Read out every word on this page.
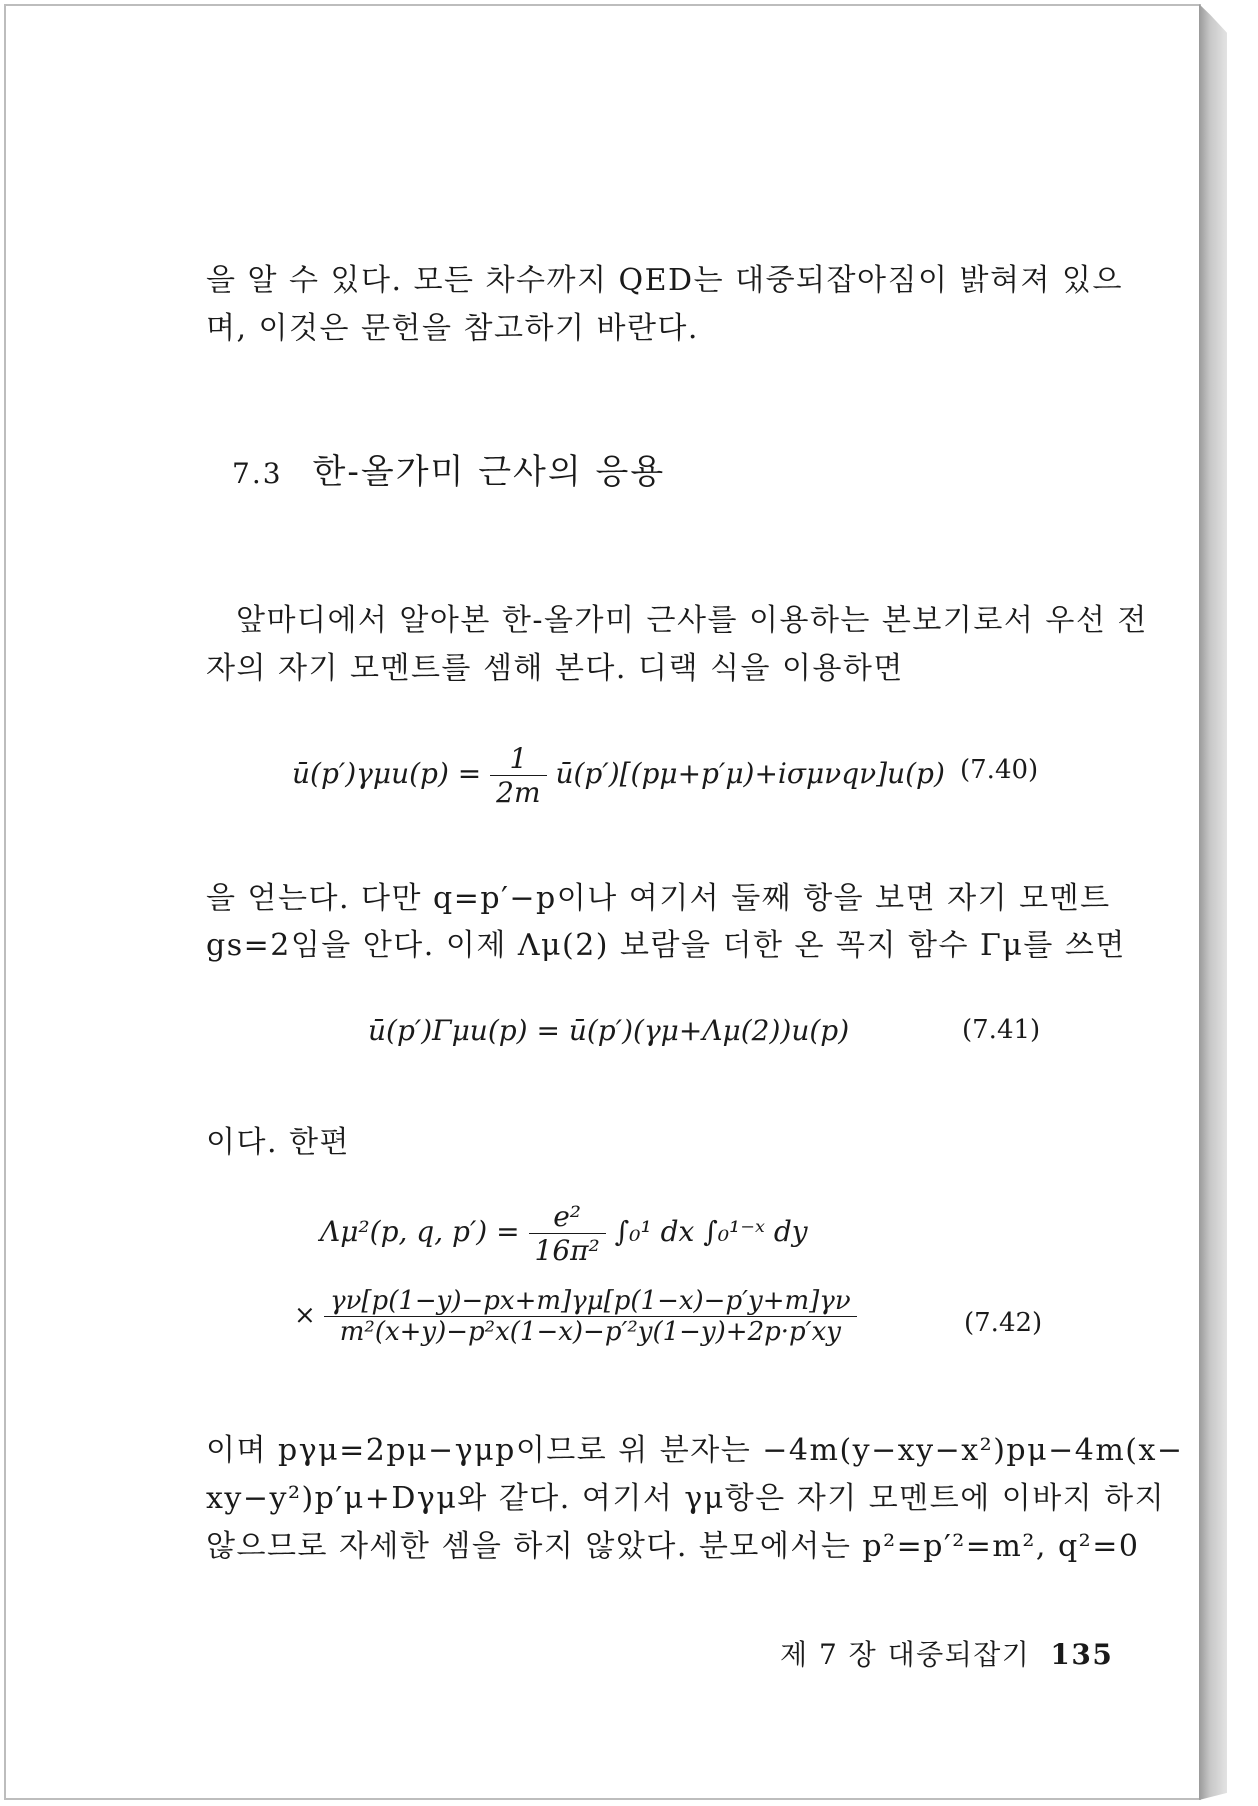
을 알 수 있다. 모든 차수까지 QED는 대중되잡아짐이 밝혀져 있으
며, 이것은 문헌을 참고하기 바란다.
7.3 한-올가미 근사의 응용
앞마디에서 알아본 한-올가미 근사를 이용하는 본보기로서 우선 전
자의 자기 모멘트를 셈해 본다. 디랙 식을 이용하면
ū(p′)γμu(p) = $\frac{1}{2m}$ ū(p′)[(pμ+p′μ)+iσμνqν]u(p) (7.40)
을 얻는다. 다만 q=p′−p이나 여기서 둘째 항을 보면 자기 모멘트
gs=2임을 안다. 이제 Λμ(2) 보람을 더한 온 꼭지 함수 Γμ를 쓰면
ū(p′)Γμu(p) = ū(p′)(γμ+Λμ(2))u(p)	(7.41)
이다. 한편
Λμ²(p, q, $p') = \frac{\text{e²}}{\text{16π²}} \int_0^1$ dx ∫₀¹⁻ˣ dy
× $\frac{\gamma\nu[p(1-y)-px+m]\gamma\mu[p(1-x)-p'y+m]\gamma\nu}{\text{m²(x+y)−p²x(1−x)−p′²y(1−y)+2p·p′xy}}$	(7.42)
이며 pγμ=2pμ−γμp이므로 위 분자는 −4m(y−xy−x²)pμ−4m(x−
xy−y²)p′μ+Dγμ와 같다. 여기서 γμ항은 자기 모멘트에 이바지 하지
않으므로 자세한 셈을 하지 않았다. 분모에서는 p²=p′²=m², q²=0
제 7 장 대중되잡기 135
